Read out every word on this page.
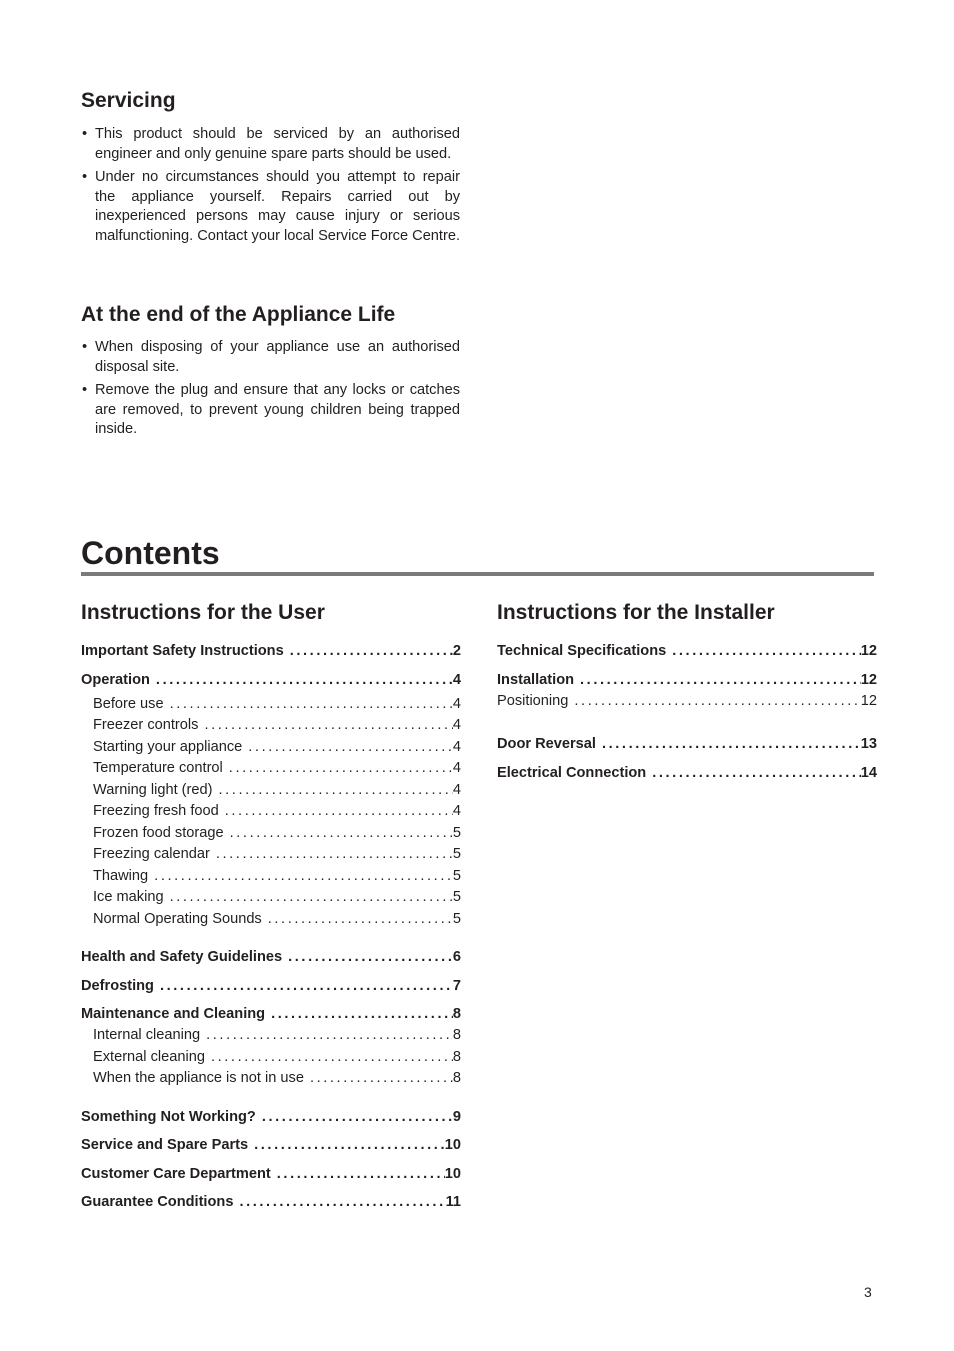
Servicing
• This product should be serviced by an authorised engineer and only genuine spare parts should be used.
• Under no circumstances should you attempt to repair the appliance yourself. Repairs carried out by inexperienced persons may cause injury or serious malfunctioning. Contact your local Service Force Centre.
At the end of the Appliance Life
• When disposing of your appliance use an authorised disposal site.
• Remove the plug and ensure that any locks or catches are removed, to prevent young children being trapped inside.
Contents
Instructions for the User	Instructions for the Installer
Important Safety Instructions .....	2
Operation .....	4
Before use .....	4
Freezer controls .....	4
Starting your appliance .....	4
Temperature control .....	4
Warning light (red) .....	4
Freezing fresh food .....	4
Frozen food storage .....	5
Freezing calendar .....	5
Thawing .....	5
Ice making .....	5
Normal Operating Sounds .....	5
Health and Safety Guidelines .....	6
Defrosting .....	7
Maintenance and Cleaning .....	8
Internal cleaning .....	8
External cleaning .....	8
When the appliance is not in use .....	8
Something Not Working? .....	9
Service and Spare Parts .....	10
Customer Care Department .....	10
Guarantee Conditions .....	11
Technical Specifications .....	12
Installation .....	12
Positioning .....	12
Door Reversal .....	13
Electrical Connection .....	14
3
